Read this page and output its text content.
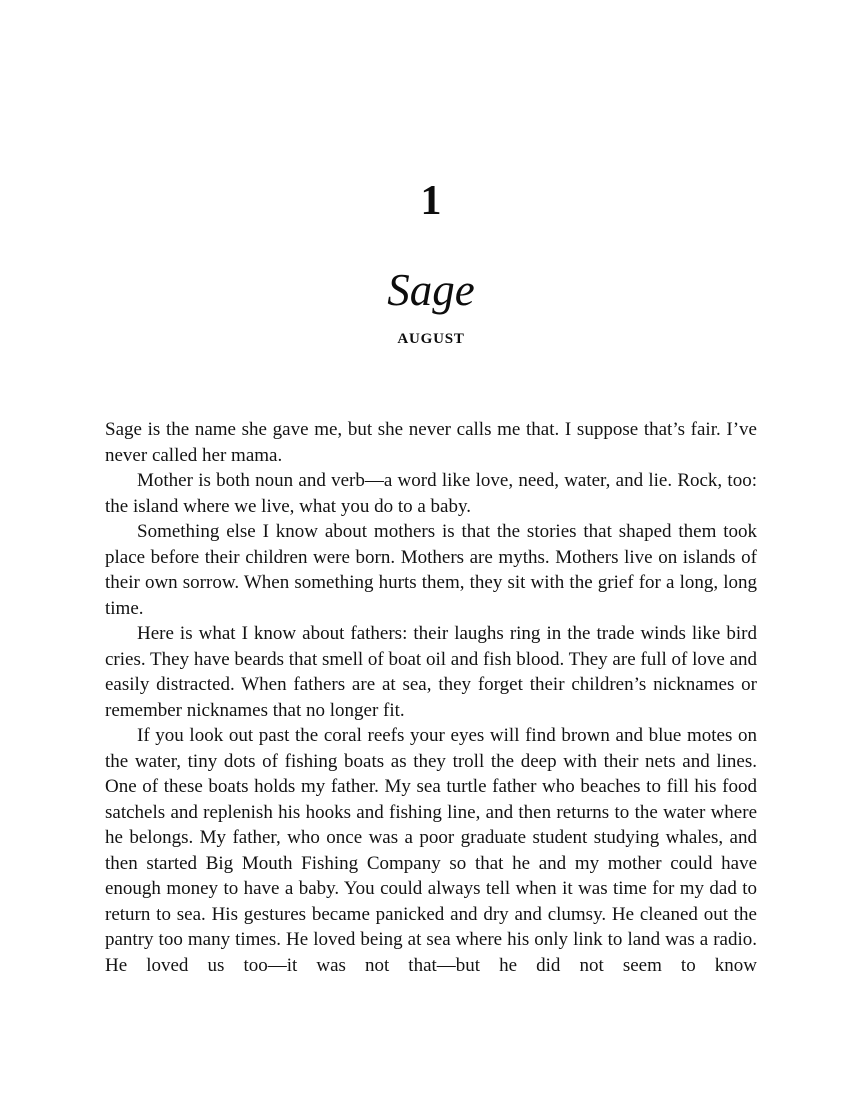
1
Sage
AUGUST

Sage is the name she gave me, but she never calls me that. I suppose that’s fair. I’ve never called her mama.

Mother is both noun and verb—a word like love, need, water, and lie. Rock, too: the island where we live, what you do to a baby.

Something else I know about mothers is that the stories that shaped them took place before their children were born. Mothers are myths. Mothers live on islands of their own sorrow. When something hurts them, they sit with the grief for a long, long time.

Here is what I know about fathers: their laughs ring in the trade winds like bird cries. They have beards that smell of boat oil and fish blood. They are full of love and easily distracted. When fathers are at sea, they forget their children’s nicknames or remember nicknames that no longer fit.

If you look out past the coral reefs your eyes will find brown and blue motes on the water, tiny dots of fishing boats as they troll the deep with their nets and lines. One of these boats holds my father. My sea turtle father who beaches to fill his food satchels and replenish his hooks and fishing line, and then returns to the water where he belongs. My father, who once was a poor graduate student studying whales, and then started Big Mouth Fishing Company so that he and my mother could have enough money to have a baby. You could always tell when it was time for my dad to return to sea. His gestures became panicked and dry and clumsy. He cleaned out the pantry too many times. He loved being at sea where his only link to land was a radio. He loved us too—it was not that—but he did not seem to know
